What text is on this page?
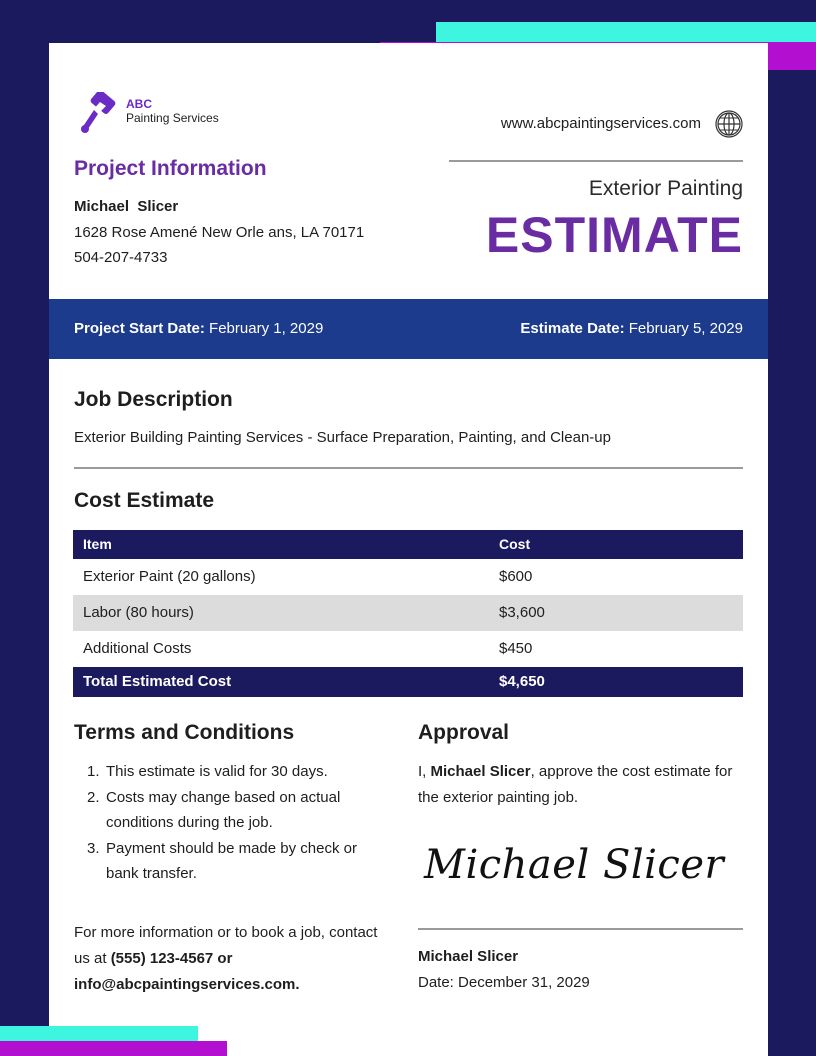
ABC
Painting Services	www.abcpaintingservices.com
Project Information
Michael  Slicer
1628 Rose Amené New Orle ans, LA 70171
504-207-4733
Exterior Painting
ESTIMATE
Project Start Date: February 1, 2029	Estimate Date: February 5, 2029
Job Description
Exterior Building Painting Services - Surface Preparation, Painting, and Clean-up
Cost Estimate
Item	Cost
Exterior Paint (20 gallons)	$600
Labor (80 hours)	$3,600
Additional Costs	$450
Total Estimated Cost	$4,650
Terms and Conditions
1. This estimate is valid for 30 days.
2. Costs may change based on actual conditions during the job.
3. Payment should be made by check or bank transfer.
For more information or to book a job, contact us at (555) 123-4567 or info@abcpaintingservices.com.
Approval
I, Michael Slicer, approve the cost estimate for the exterior painting job.
Michael Slicer
Michael Slicer
Date: December 31, 2029
